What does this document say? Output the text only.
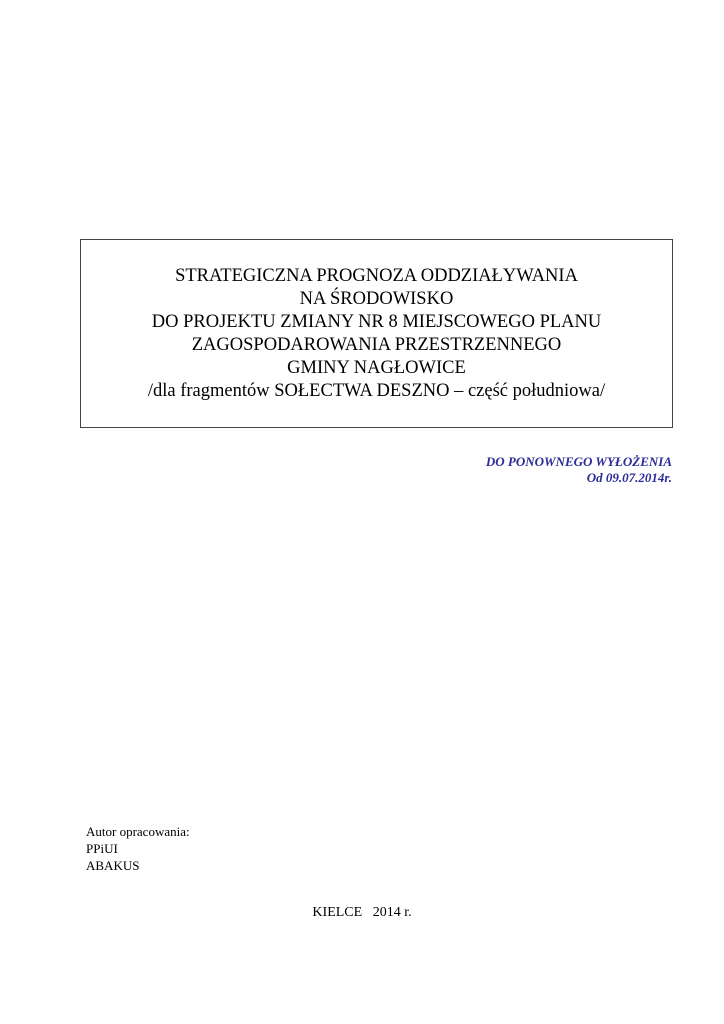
STRATEGICZNA PROGNOZA ODDZIAŁYWANIA
NA ŚRODOWISKO
DO PROJEKTU ZMIANY NR 8 MIEJSCOWEGO PLANU
ZAGOSPODAROWANIA PRZESTRZENNEGO
GMINY NAGŁOWICE
/dla fragmentów SOŁECTWA DESZNO – część południowa/
DO PONOWNEGO WYŁOŻENIA
Od 09.07.2014r.
Autor opracowania:
PPiUI
ABAKUS
KIELCE   2014 r.
